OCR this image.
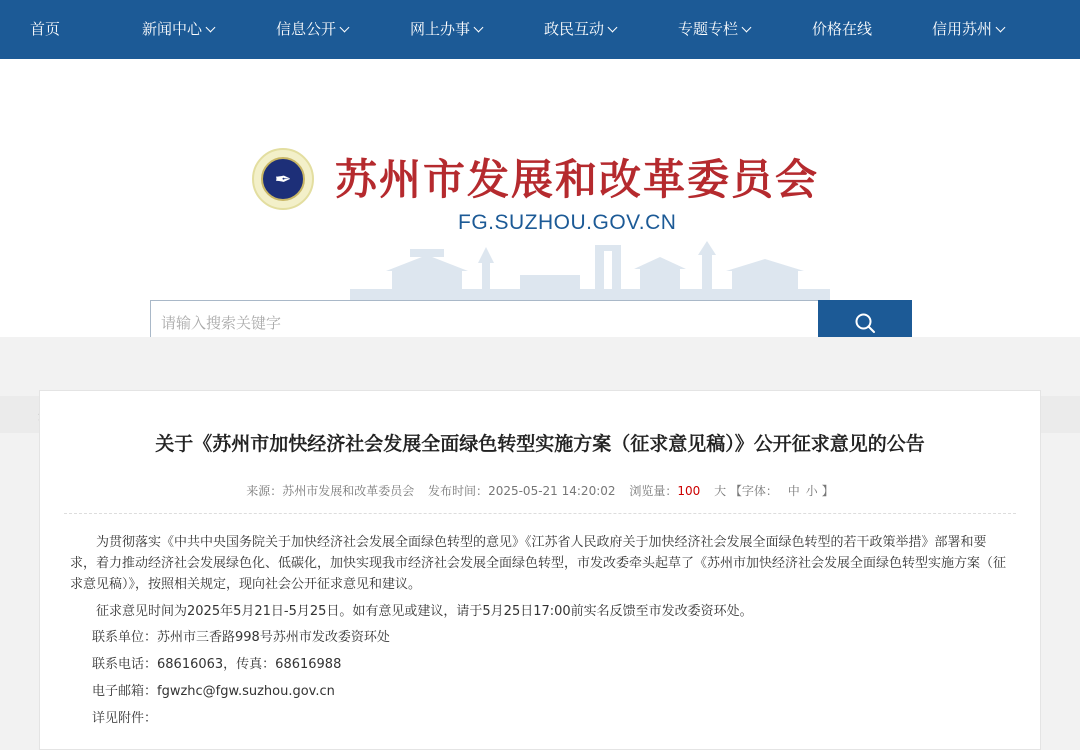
首页	新闻中心	信息公开	网上办事	政民互动	专题专栏	价格在线	信用苏州
✒	苏州市发展和改革委员会
FG.SUZHOU.GOV.CN
请输入搜索关键字
关于《苏州市加快经济社会发展全面绿色转型实施方案（征求意见稿）》公开征求意见的公告
来源：苏州市发展和改革委员会 发布时间：2025-05-21 14:20:02 浏览量：100 大 【字体： 中 小 】

为贯彻落实《中共中央国务院关于加快经济社会发展全面绿色转型的意见》《江苏省人民政府关于加快经济社会发展全面绿色转型的若干政策举措》部署和要求，着力推动经济社会发展绿色化、低碳化，加快实现我市经济社会发展全面绿色转型，市发改委牵头起草了《苏州市加快经济社会发展全面绿色转型实施方案（征求意见稿）》，按照相关规定，现向社会公开征求意见和建议。

征求意见时间为2025年5月21日-5月25日。如有意见或建议，请于5月25日17:00前实名反馈至市发改委资环处。

联系单位：苏州市三香路998号苏州市发改委资环处

联系电话：68616063，传真：68616988

电子邮箱：fgwzhc@fgw.suzhou.gov.cn

详见附件：
